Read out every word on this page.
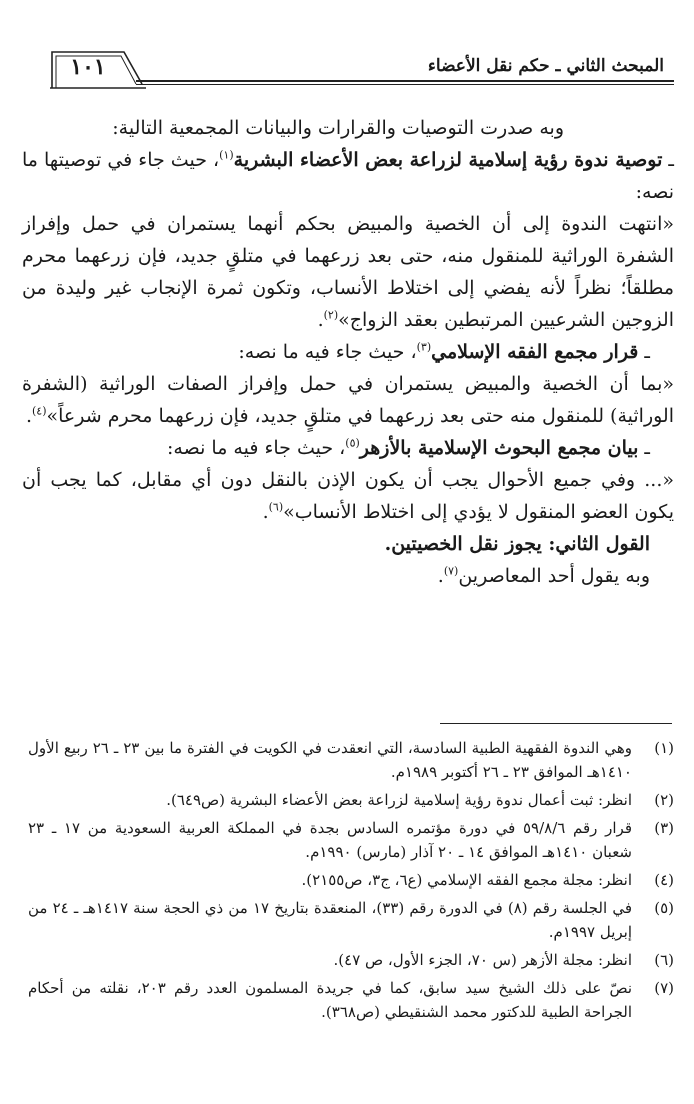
المبحث الثاني ـ حكم نقل الأعضاء
١٠١

وبه صدرت التوصيات والقرارات والبيانات المجمعية التالية:

ـ توصية ندوة رؤية إسلامية لزراعة بعض الأعضاء البشرية$^{(١)}$، حيث جاء في توصيتها ما نصه:

«انتهت الندوة إلى أن الخصية والمبيض بحكم أنهما يستمران في حمل وإفراز الشفرة الوراثية للمنقول منه، حتى بعد زرعهما في متلقٍ جديد، فإن زرعهما محرم مطلقاً؛ نظراً لأنه يفضي إلى اختلاط الأنساب، وتكون ثمرة الإنجاب غير وليدة من الزوجين الشرعيين المرتبطين بعقد الزواج»$^{(٢)}$.

ـ قرار مجمع الفقه الإسلامي$^{(٣)}$، حيث جاء فيه ما نصه:

«بما أن الخصية والمبيض يستمران في حمل وإفراز الصفات الوراثية (الشفرة الوراثية) للمنقول منه حتى بعد زرعهما في متلقٍ جديد، فإن زرعهما محرم شرعاً»$^{(٤)}$.

ـ بيان مجمع البحوث الإسلامية بالأزهر$^{(٥)}$، حيث جاء فيه ما نصه:

«... وفي جميع الأحوال يجب أن يكون الإذن بالنقل دون أي مقابل، كما يجب أن يكون العضو المنقول لا يؤدي إلى اختلاط الأنساب»$^{(٦)}$.

القول الثاني: يجوز نقل الخصيتين.

وبه يقول أحد المعاصرين$^{(٧)}$.

(١)
وهي الندوة الفقهية الطبية السادسة، التي انعقدت في الكويت في الفترة ما بين ٢٣ ـ ٢٦ ربيع الأول ١٤١٠هـ الموافق ٢٣ ـ ٢٦ أكتوبر ١٩٨٩م.
(٢)
انظر: ثبت أعمال ندوة رؤية إسلامية لزراعة بعض الأعضاء البشرية (ص٦٤٩).
(٣)
قرار رقم ٥٩/٨/٦ في دورة مؤتمره السادس بجدة في المملكة العربية السعودية من ١٧ ـ ٢٣ شعبان ١٤١٠هـ الموافق ١٤ ـ ٢٠ آذار (مارس) ١٩٩٠م.
(٤)
انظر: مجلة مجمع الفقه الإسلامي (ع٦، ج٣، ص٢١٥٥).
(٥)
في الجلسة رقم (٨) في الدورة رقم (٣٣)، المنعقدة بتاريخ ١٧ من ذي الحجة سنة ١٤١٧هـ ـ ٢٤ من إبريل ١٩٩٧م.
(٦)
انظر: مجلة الأزهر (س ٧٠، الجزء الأول، ص ٤٧).
(٧)
نصّ على ذلك الشيخ سيد سابق، كما في جريدة المسلمون العدد رقم ٢٠٣، نقلته من أحكام الجراحة الطبية للدكتور محمد الشنقيطي (ص٣٦٨).
